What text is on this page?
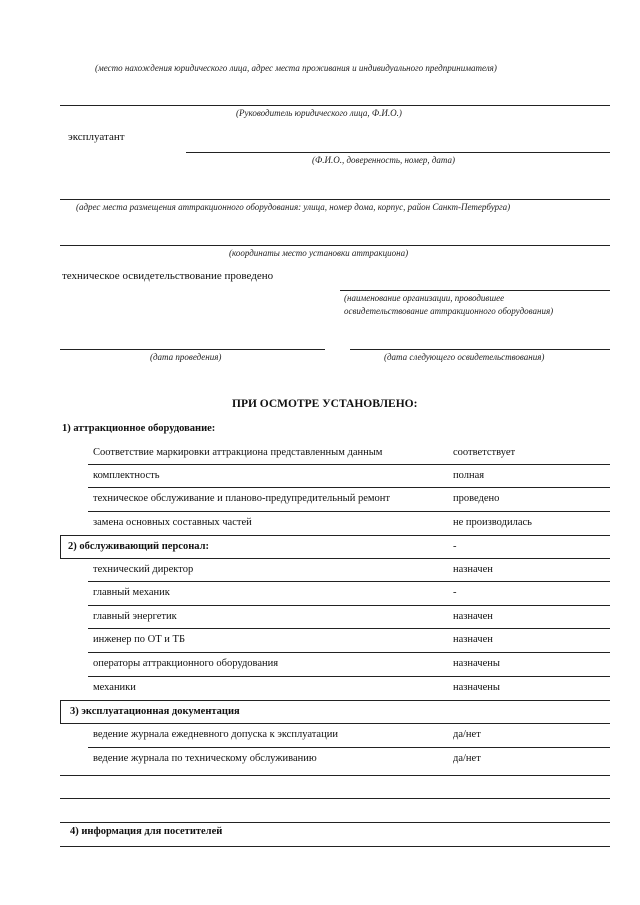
(место нахождения юридического лица, адрес места проживания и индивидуального предпринимателя)
(Руководитель юридического лица, Ф.И.О.)
эксплуатант
(Ф.И.О., доверенность, номер, дата)
(адрес места размещения аттракционного оборудования: улица, номер дома, корпус, район Санкт-Петербурга)
(координаты место установки аттракциона)
техническое освидетельствование проведено
(наименование организации, проводившее
освидетельствование аттракционного оборудования)
(дата проведения)	(дата следующего освидетельствования)
ПРИ ОСМОТРЕ УСТАНОВЛЕНО:
1) аттракционное оборудование:
Соответствие маркировки аттракциона представленным данным	соответствует
комплектность	полная
техническое обслуживание и планово-предупредительный ремонт	проведено
замена основных составных частей	не производилась
2) обслуживающий персонал:	-
технический директор	назначен
главный механик	-
главный энергетик	назначен
инженер по ОТ и ТБ	назначен
операторы аттракционного оборудования	назначены
механики	назначены
3) эксплуатационная документация
ведение журнала ежедневного допуска к эксплуатации	да/нет
ведение журнала по техническому обслуживанию	да/нет
4) информация для посетителей
